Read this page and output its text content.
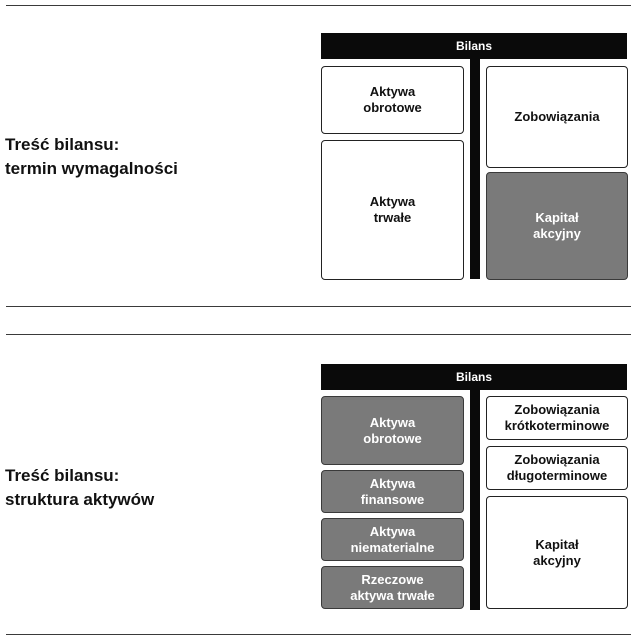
Treść bilansu:
termin wymagalności
Bilans
Aktywa
obrotowe
Aktywa
trwałe
Zobowiązania
Kapitał
akcyjny
Treść bilansu:
struktura aktywów
Bilans
Aktywa
obrotowe
Aktywa
finansowe
Aktywa
niematerialne
Rzeczowe
aktywa trwałe
Zobowiązania
krótkoterminowe
Zobowiązania
długoterminowe
Kapitał
akcyjny
